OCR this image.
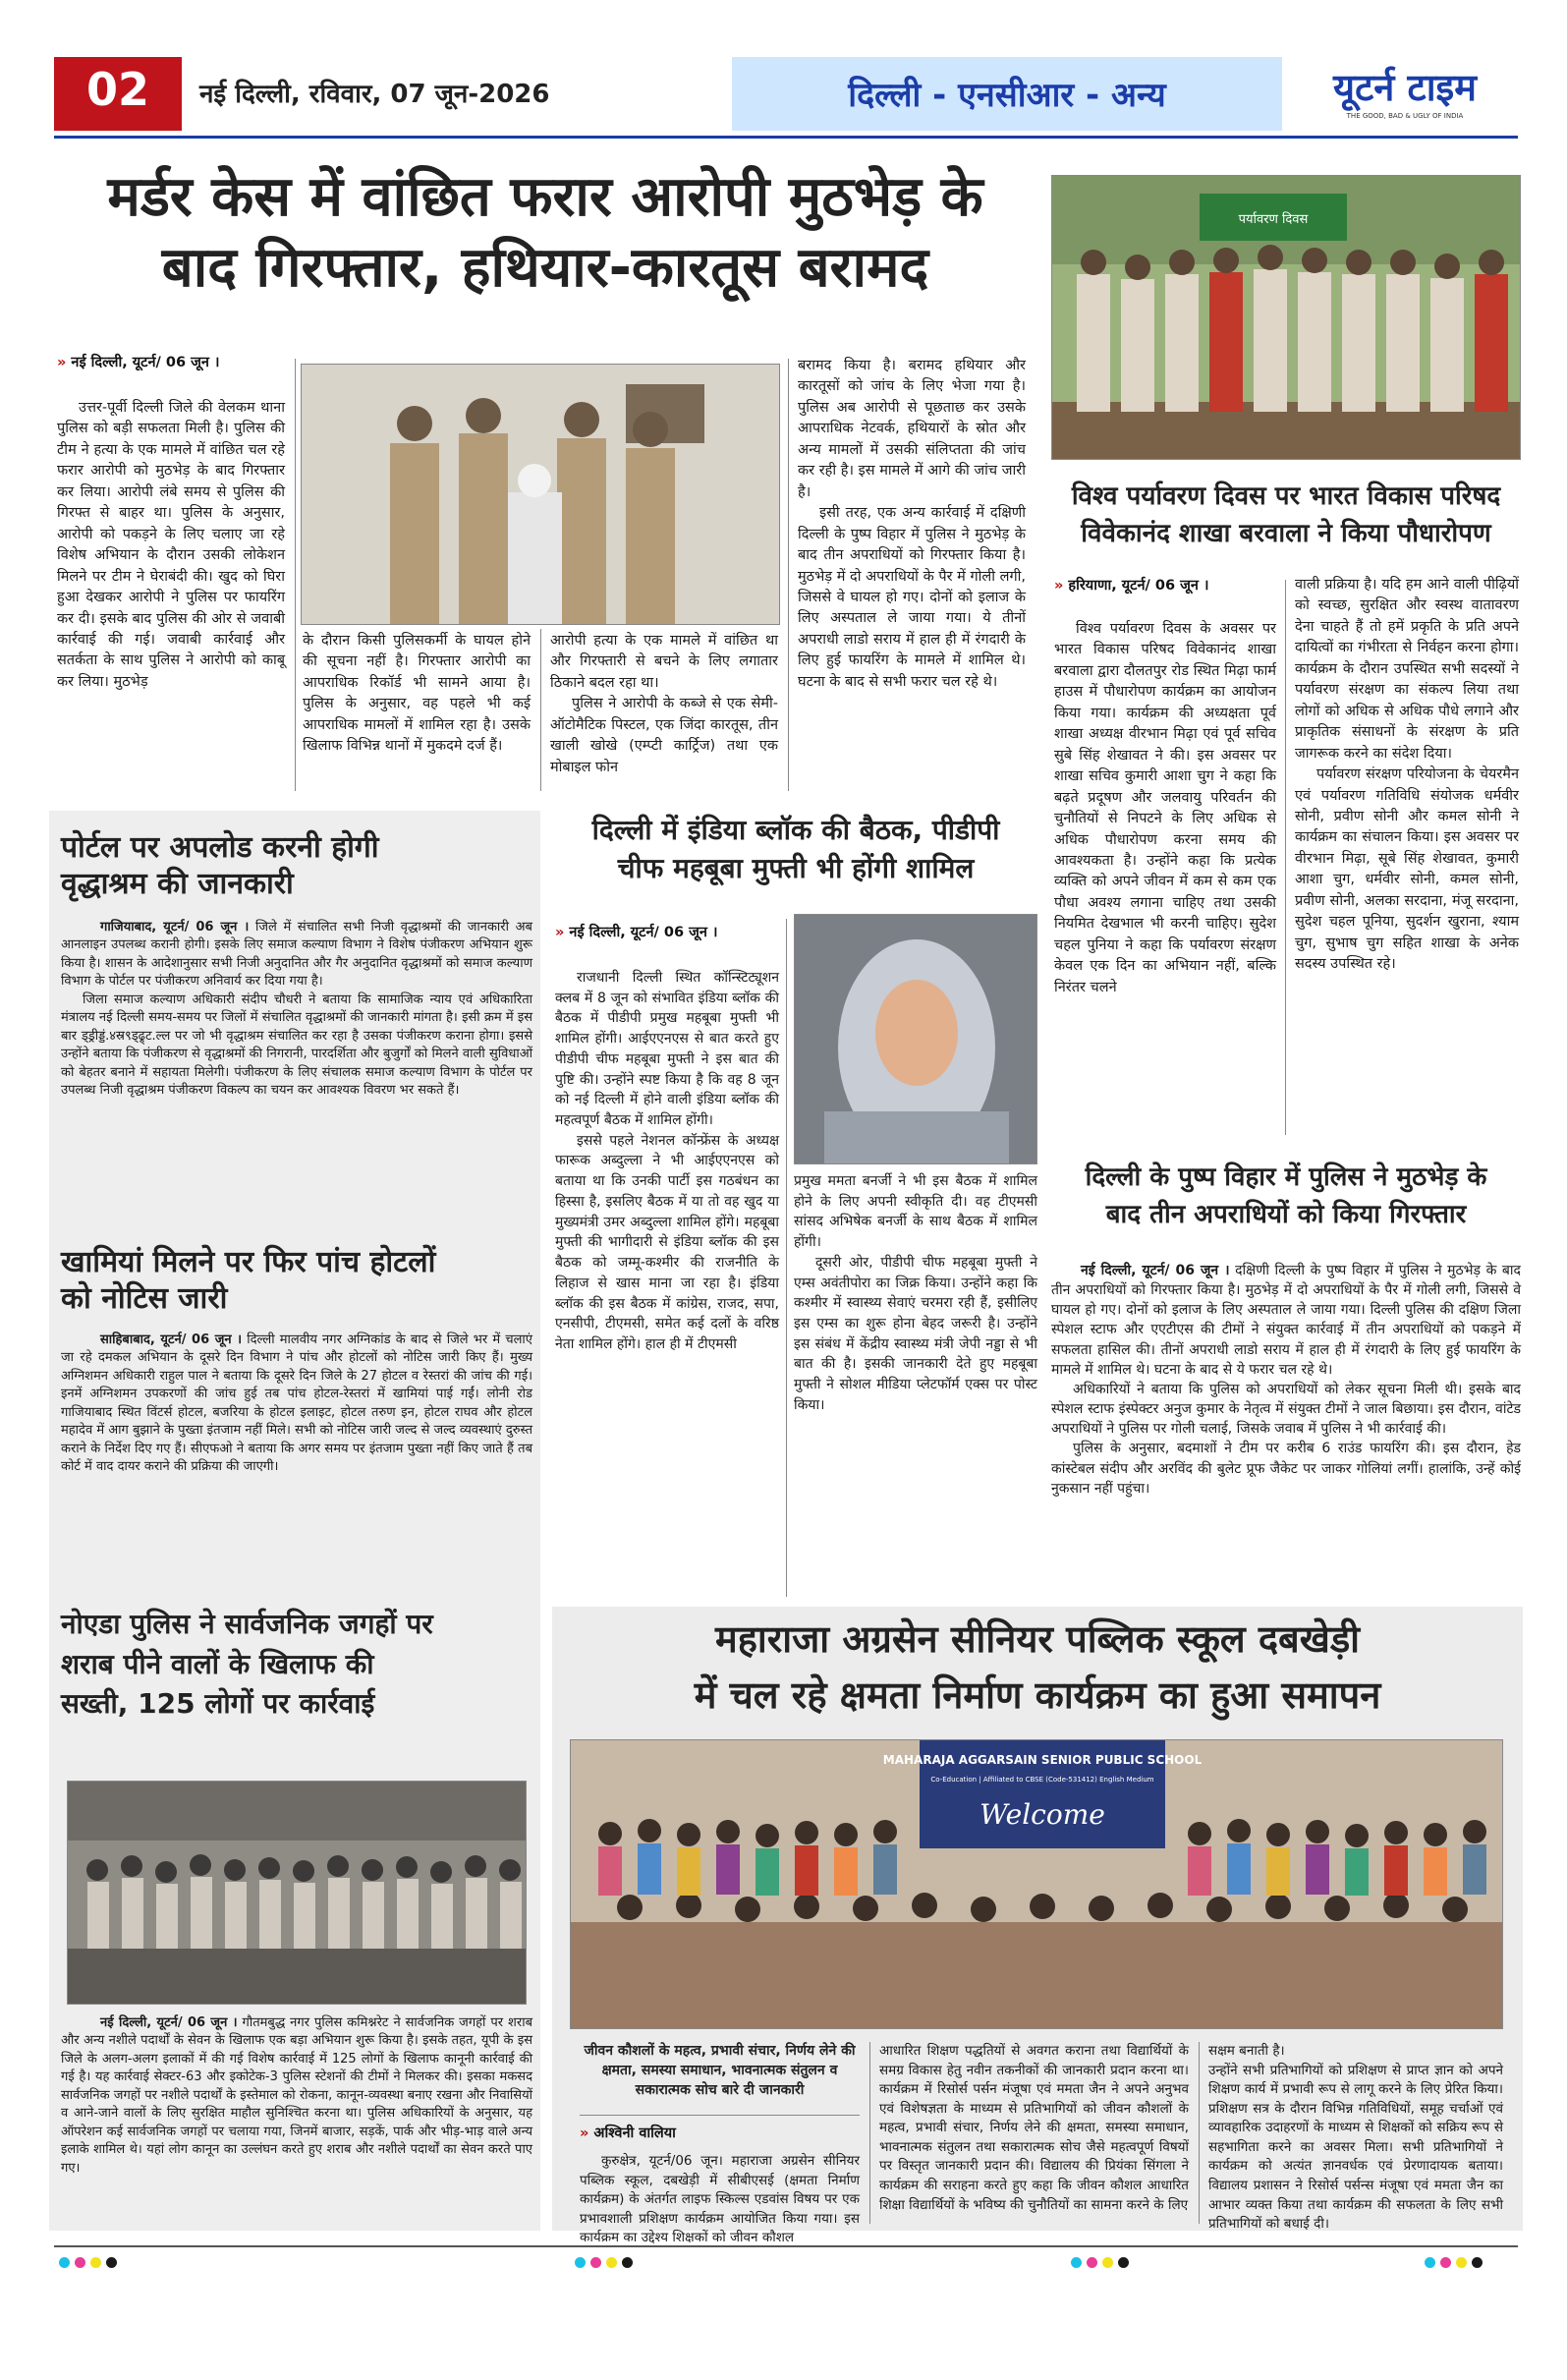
02	नई दिल्ली, रविवार, 07 जून-2026	दिल्ली - एनसीआर - अन्य	यूटर्न टाइम
THE GOOD, BAD & UGLY OF INDIA
मर्डर केस में वांछित फरार आरोपी मुठभेड़ के
बाद गिरफ्तार, हथियार-कारतूस बरामद
» नई दिल्ली, यूटर्न/ 06 जून ।

उत्तर-पूर्वी दिल्ली जिले की वेलकम थाना पुलिस को बड़ी सफलता मिली है। पुलिस की टीम ने हत्या के एक मामले में वांछित चल रहे फरार आरोपी को मुठभेड़ के बाद गिरफ्तार कर लिया। आरोपी लंबे समय से पुलिस की गिरफ्त से बाहर था। पुलिस के अनुसार, आरोपी को पकड़ने के लिए चलाए जा रहे विशेष अभियान के दौरान उसकी लोकेशन मिलने पर टीम ने घेराबंदी की। खुद को घिरा हुआ देखकर आरोपी ने पुलिस पर फायरिंग कर दी। इसके बाद पुलिस की ओर से जवाबी कार्रवाई की गई। जवाबी कार्रवाई और सतर्कता के साथ पुलिस ने आरोपी को काबू कर लिया। मुठभेड़

के दौरान किसी पुलिसकर्मी के घायल होने की सूचना नहीं है। गिरफ्तार आरोपी का आपराधिक रिकॉर्ड भी सामने आया है। पुलिस के अनुसार, वह पहले भी कई आपराधिक मामलों में शामिल रहा है। उसके खिलाफ विभिन्न थानों में मुकदमे दर्ज हैं।

आरोपी हत्या के एक मामले में वांछित था और गिरफ्तारी से बचने के लिए लगातार ठिकाने बदल रहा था।

पुलिस ने आरोपी के कब्जे से एक सेमी-ऑटोमैटिक पिस्टल, एक जिंदा कारतूस, तीन खाली खोखे (एम्प्टी कार्ट्रिज) तथा एक मोबाइल फोन

बरामद किया है। बरामद हथियार और कारतूसों को जांच के लिए भेजा गया है। पुलिस अब आरोपी से पूछताछ कर उसके आपराधिक नेटवर्क, हथियारों के स्रोत और अन्य मामलों में उसकी संलिप्तता की जांच कर रही है। इस मामले में आगे की जांच जारी है।

इसी तरह, एक अन्य कार्रवाई में दक्षिणी दिल्ली के पुष्प विहार में पुलिस ने मुठभेड़ के बाद तीन अपराधियों को गिरफ्तार किया है। मुठभेड़ में दो अपराधियों के पैर में गोली लगी, जिससे वे घायल हो गए। दोनों को इलाज के लिए अस्पताल ले जाया गया। ये तीनों अपराधी लाडो सराय में हाल ही में रंगदारी के लिए हुई फायरिंग के मामले में शामिल थे। घटना के बाद से सभी फरार चल रहे थे।

पर्यावरण दिवस
विश्व पर्यावरण दिवस पर भारत विकास परिषद
विवेकानंद शाखा बरवाला ने किया पौधारोपण
» हरियाणा, यूटर्न/ 06 जून ।

विश्व पर्यावरण दिवस के अवसर पर भारत विकास परिषद विवेकानंद शाखा बरवाला द्वारा दौलतपुर रोड स्थित मिढ़ा फार्म हाउस में पौधारोपण कार्यक्रम का आयोजन किया गया। कार्यक्रम की अध्यक्षता पूर्व शाखा अध्यक्ष वीरभान मिढ़ा एवं पूर्व सचिव सुबे सिंह शेखावत ने की। इस अवसर पर शाखा सचिव कुमारी आशा चुग ने कहा कि बढ़ते प्रदूषण और जलवायु परिवर्तन की चुनौतियों से निपटने के लिए अधिक से अधिक पौधारोपण करना समय की आवश्यकता है। उन्होंने कहा कि प्रत्येक व्यक्ति को अपने जीवन में कम से कम एक पौधा अवश्य लगाना चाहिए तथा उसकी नियमित देखभाल भी करनी चाहिए। सुदेश चहल पुनिया ने कहा कि पर्यावरण संरक्षण केवल एक दिन का अभियान नहीं, बल्कि निरंतर चलने

वाली प्रक्रिया है। यदि हम आने वाली पीढ़ियों को स्वच्छ, सुरक्षित और स्वस्थ वातावरण देना चाहते हैं तो हमें प्रकृति के प्रति अपने दायित्वों का गंभीरता से निर्वहन करना होगा। कार्यक्रम के दौरान उपस्थित सभी सदस्यों ने पर्यावरण संरक्षण का संकल्प लिया तथा लोगों को अधिक से अधिक पौधे लगाने और प्राकृतिक संसाधनों के संरक्षण के प्रति जागरूक करने का संदेश दिया।

पर्यावरण संरक्षण परियोजना के चेयरमैन एवं पर्यावरण गतिविधि संयोजक धर्मवीर सोनी, प्रवीण सोनी और कमल सोनी ने कार्यक्रम का संचालन किया। इस अवसर पर वीरभान मिढ़ा, सूबे सिंह शेखावत, कुमारी आशा चुग, धर्मवीर सोनी, कमल सोनी, प्रवीण सोनी, अलका सरदाना, मंजू सरदाना, सुदेश चहल पूनिया, सुदर्शन खुराना, श्याम चुग, सुभाष चुग सहित शाखा के अनेक सदस्य उपस्थित रहे।

पोर्टल पर अपलोड करनी होगी
वृद्धाश्रम की जानकारी

गाजियाबाद, यूटर्न/ 06 जून । जिले में संचालित सभी निजी वृद्धाश्रमों की जानकारी अब आनलाइन उपलब्ध करानी होगी। इसके लिए समाज कल्याण विभाग ने विशेष पंजीकरण अभियान शुरू किया है। शासन के आदेशानुसार सभी निजी अनुदानित और गैर अनुदानित वृद्धाश्रमों को समाज कल्याण विभाग के पोर्टल पर पंजीकरण अनिवार्य कर दिया गया है।

जिला समाज कल्याण अधिकारी संदीप चौधरी ने बताया कि सामाजिक न्याय एवं अधिकारिता मंत्रालय नई दिल्ली समय-समय पर जिलों में संचालित वृद्धाश्रमों की जानकारी मांगता है। इसी क्रम में इस बार ड्ड्रीड्डं.४स्र९ड्ढ्र्ट.ल्ल पर जो भी वृद्धाश्रम संचालित कर रहा है उसका पंजीकरण कराना होगा। इससे उन्होंने बताया कि पंजीकरण से वृद्धाश्रमों की निगरानी, पारदर्शिता और बुजुर्गों को मिलने वाली सुविधाओं को बेहतर बनाने में सहायता मिलेगी। पंजीकरण के लिए संचालक समाज कल्याण विभाग के पोर्टल पर उपलब्ध निजी वृद्धाश्रम पंजीकरण विकल्प का चयन कर आवश्यक विवरण भर सकते हैं।

खामियां मिलने पर फिर पांच होटलों
को नोटिस जारी

साहिबाबाद, यूटर्न/ 06 जून । दिल्ली मालवीय नगर अग्निकांड के बाद से जिले भर में चलाएं जा रहे दमकल अभियान के दूसरे दिन विभाग ने पांच और होटलों को नोटिस जारी किए हैं। मुख्य अग्निशमन अधिकारी राहुल पाल ने बताया कि दूसरे दिन जिले के 27 होटल व रेस्तरां की जांच की गई। इनमें अग्निशमन उपकरणों की जांच हुई तब पांच होटल-रेस्तरां में खामियां पाई गईं। लोनी रोड गाजियाबाद स्थित विंटर्स होटल, बजरिया के होटल इलाइट, होटल तरुण इन, होटल राघव और होटल महादेव में आग बुझाने के पुख्ता इंतजाम नहीं मिले। सभी को नोटिस जारी जल्द से जल्द व्यवस्थाएं दुरुस्त कराने के निर्देश दिए गए हैं। सीएफओ ने बताया कि अगर समय पर इंतजाम पुख्ता नहीं किए जाते हैं तब कोर्ट में वाद दायर कराने की प्रक्रिया की जाएगी।

नोएडा पुलिस ने सार्वजनिक जगहों पर
शराब पीने वालों के खिलाफ की
सख्ती, 125 लोगों पर कार्रवाई

नई दिल्ली, यूटर्न/ 06 जून । गौतमबुद्ध नगर पुलिस कमिश्नरेट ने सार्वजनिक जगहों पर शराब और अन्य नशीले पदार्थों के सेवन के खिलाफ एक बड़ा अभियान शुरू किया है। इसके तहत, यूपी के इस जिले के अलग-अलग इलाकों में की गई विशेष कार्रवाई में 125 लोगों के खिलाफ कानूनी कार्रवाई की गई है। यह कार्रवाई सेक्टर-63 और इकोटेक-3 पुलिस स्टेशनों की टीमों ने मिलकर की। इसका मकसद सार्वजनिक जगहों पर नशीले पदार्थों के इस्तेमाल को रोकना, कानून-व्यवस्था बनाए रखना और निवासियों व आने-जाने वालों के लिए सुरक्षित माहौल सुनिश्चित करना था। पुलिस अधिकारियों के अनुसार, यह ऑपरेशन कई सार्वजनिक जगहों पर चलाया गया, जिनमें बाजार, सड़कें, पार्क और भीड़-भाड़ वाले अन्य इलाके शामिल थे। यहां लोग कानून का उल्लंघन करते हुए शराब और नशीले पदार्थों का सेवन करते पाए गए।

दिल्ली में इंडिया ब्लॉक की बैठक, पीडीपी
चीफ महबूबा मुफ्ती भी होंगी शामिल
» नई दिल्ली, यूटर्न/ 06 जून ।

राजधानी दिल्ली स्थित कॉन्स्टिट्यूशन क्लब में 8 जून को संभावित इंडिया ब्लॉक की बैठक में पीडीपी प्रमुख महबूबा मुफ्ती भी शामिल होंगी। आईएएनएस से बात करते हुए पीडीपी चीफ महबूबा मुफ्ती ने इस बात की पुष्टि की। उन्होंने स्पष्ट किया है कि वह 8 जून को नई दिल्ली में होने वाली इंडिया ब्लॉक की महत्वपूर्ण बैठक में शामिल होंगी।

इससे पहले नेशनल कॉन्फ्रेंस के अध्यक्ष फारूक अब्दुल्ला ने भी आईएएनएस को बताया था कि उनकी पार्टी इस गठबंधन का हिस्सा है, इसलिए बैठक में या तो वह खुद या मुख्यमंत्री उमर अब्दुल्ला शामिल होंगे। महबूबा मुफ्ती की भागीदारी से इंडिया ब्लॉक की इस बैठक को जम्मू-कश्मीर की राजनीति के लिहाज से खास माना जा रहा है। इंडिया ब्लॉक की इस बैठक में कांग्रेस, राजद, सपा, एनसीपी, टीएमसी, समेत कई दलों के वरिष्ठ नेता शामिल होंगे। हाल ही में टीएमसी

प्रमुख ममता बनर्जी ने भी इस बैठक में शामिल होने के लिए अपनी स्वीकृति दी। वह टीएमसी सांसद अभिषेक बनर्जी के साथ बैठक में शामिल होंगी।

दूसरी ओर, पीडीपी चीफ महबूबा मुफ्ती ने एम्स अवंतीपोरा का जिक्र किया। उन्होंने कहा कि कश्मीर में स्वास्थ्य सेवाएं चरमरा रही हैं, इसीलिए इस एम्स का शुरू होना बेहद जरूरी है। उन्होंने इस संबंध में केंद्रीय स्वास्थ्य मंत्री जेपी नड्डा से भी बात की है। इसकी जानकारी देते हुए महबूबा मुफ्ती ने सोशल मीडिया प्लेटफॉर्म एक्स पर पोस्ट किया।

दिल्ली के पुष्प विहार में पुलिस ने मुठभेड़ के
बाद तीन अपराधियों को किया गिरफ्तार

नई दिल्ली, यूटर्न/ 06 जून । दक्षिणी दिल्ली के पुष्प विहार में पुलिस ने मुठभेड़ के बाद तीन अपराधियों को गिरफ्तार किया है। मुठभेड़ में दो अपराधियों के पैर में गोली लगी, जिससे वे घायल हो गए। दोनों को इलाज के लिए अस्पताल ले जाया गया। दिल्ली पुलिस की दक्षिण जिला स्पेशल स्टाफ और एएटीएस की टीमों ने संयुक्त कार्रवाई में तीन अपराधियों को पकड़ने में सफलता हासिल की। तीनों अपराधी लाडो सराय में हाल ही में रंगदारी के लिए हुई फायरिंग के मामले में शामिल थे। घटना के बाद से ये फरार चल रहे थे।

अधिकारियों ने बताया कि पुलिस को अपराधियों को लेकर सूचना मिली थी। इसके बाद स्पेशल स्टाफ इंस्पेक्टर अनुज कुमार के नेतृत्व में संयुक्त टीमों ने जाल बिछाया। इस दौरान, वांटेड अपराधियों ने पुलिस पर गोली चलाई, जिसके जवाब में पुलिस ने भी कार्रवाई की।

पुलिस के अनुसार, बदमाशों ने टीम पर करीब 6 राउंड फायरिंग की। इस दौरान, हेड कांस्टेबल संदीप और अरविंद की बुलेट प्रूफ जैकेट पर जाकर गोलियां लगीं। हालांकि, उन्हें कोई नुकसान नहीं पहुंचा।

महाराजा अग्रसेन सीनियर पब्लिक स्कूल दबखेड़ी
में चल रहे क्षमता निर्माण कार्यक्रम का हुआ समापन
MAHARAJA AGGARSAIN SENIOR PUBLIC SCHOOL
Co-Education | Affiliated to CBSE (Code-531412) English Medium
Welcome
जीवन कौशलों के महत्व, प्रभावी संचार, निर्णय लेने की क्षमता, समस्या समाधान, भावनात्मक संतुलन व सकारात्मक सोच बारे दी जानकारी
» अश्विनी वालिया

कुरुक्षेत्र, यूटर्न/06 जून। महाराजा अग्रसेन सीनियर पब्लिक स्कूल, दबखेड़ी में सीबीएसई (क्षमता निर्माण कार्यक्रम) के अंतर्गत लाइफ स्किल्स एडवांस विषय पर एक प्रभावशाली प्रशिक्षण कार्यक्रम आयोजित किया गया। इस कार्यक्रम का उद्देश्य शिक्षकों को जीवन कौशल

आधारित शिक्षण पद्धतियों से अवगत कराना तथा विद्यार्थियों के समग्र विकास हेतु नवीन तकनीकों की जानकारी प्रदान करना था। कार्यक्रम में रिसोर्स पर्सन मंजूषा एवं ममता जैन ने अपने अनुभव एवं विशेषज्ञता के माध्यम से प्रतिभागियों को जीवन कौशलों के महत्व, प्रभावी संचार, निर्णय लेने की क्षमता, समस्या समाधान, भावनात्मक संतुलन तथा सकारात्मक सोच जैसे महत्वपूर्ण विषयों पर विस्तृत जानकारी प्रदान की। विद्यालय की प्रियंका सिंगला ने कार्यक्रम की सराहना करते हुए कहा कि जीवन कौशल आधारित शिक्षा विद्यार्थियों के भविष्य की चुनौतियों का सामना करने के लिए

सक्षम बनाती है।
उन्होंने सभी प्रतिभागियों को प्रशिक्षण से प्राप्त ज्ञान को अपने शिक्षण कार्य में प्रभावी रूप से लागू करने के लिए प्रेरित किया। प्रशिक्षण सत्र के दौरान विभिन्न गतिविधियों, समूह चर्चाओं एवं व्यावहारिक उदाहरणों के माध्यम से शिक्षकों को सक्रिय रूप से सहभागिता करने का अवसर मिला। सभी प्रतिभागियों ने कार्यक्रम को अत्यंत ज्ञानवर्धक एवं प्रेरणादायक बताया। विद्यालय प्रशासन ने रिसोर्स पर्सन्स मंजूषा एवं ममता जैन का आभार व्यक्त किया तथा कार्यक्रम की सफलता के लिए सभी प्रतिभागियों को बधाई दी।
